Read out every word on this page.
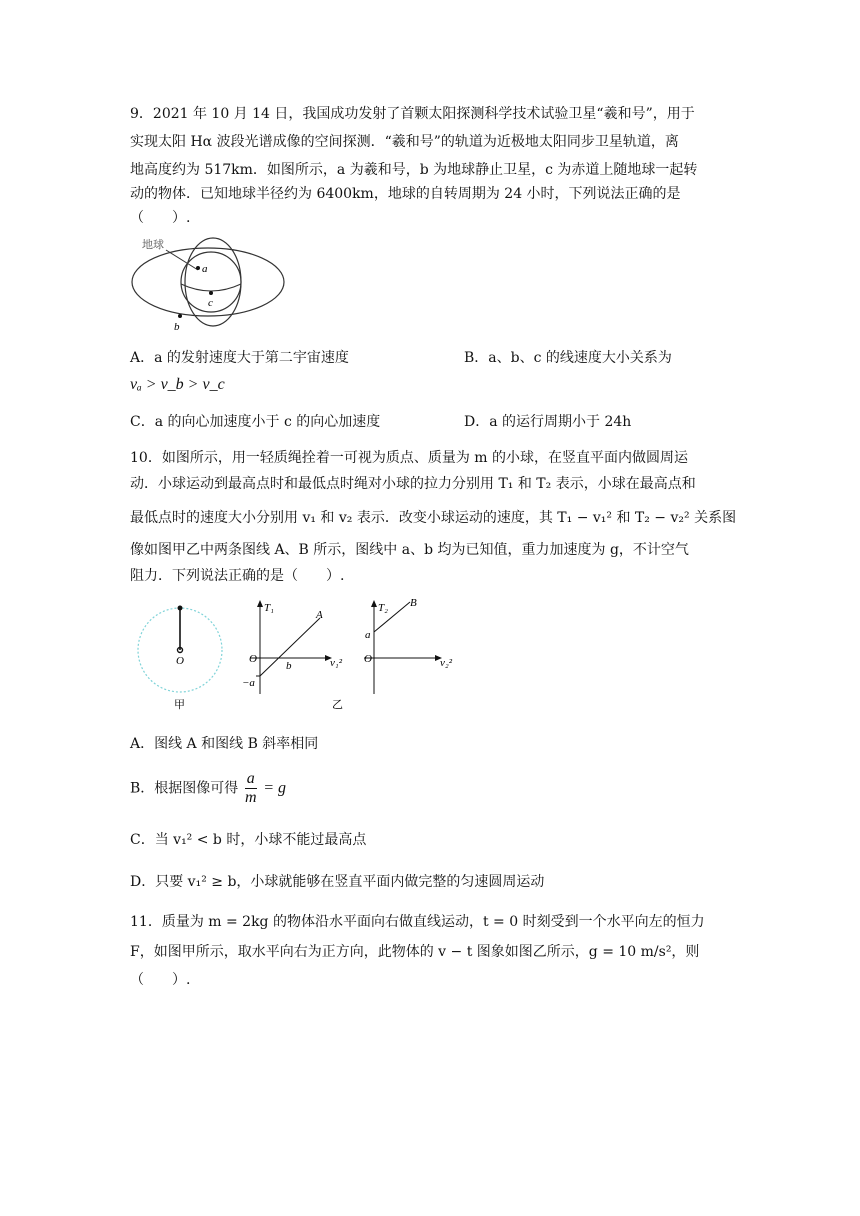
9．2021 年 10 月 14 日，我国成功发射了首颗太阳探测科学技术试验卫星“羲和号”，用于
实现太阳 Hα 波段光谱成像的空间探测．“羲和号”的轨道为近极地太阳同步卫星轨道，离
地高度约为 517km．如图所示，a 为羲和号，b 为地球静止卫星，c 为赤道上随地球一起转
动的物体．已知地球半径约为 6400km，地球的自转周期为 24 小时，下列说法正确的是
（　　）.
地球
a
c
b
A．a 的发射速度大于第二宇宙速度	B．a、b、c 的线速度大小关系为
vₐ > v_b > v_c
C．a 的向心加速度小于 c 的向心加速度	D．a 的运行周期小于 24h
10．如图所示，用一轻质绳拴着一可视为质点、质量为 m 的小球，在竖直平面内做圆周运
动．小球运动到最高点时和最低点时绳对小球的拉力分别用 T₁ 和 T₂ 表示，小球在最高点和
最低点时的速度大小分别用 v₁ 和 v₂ 表示．改变小球运动的速度，其 T₁ − v₁² 和 T₂ − v₂² 关系图
像如图甲乙中两条图线 A、B 所示，图线中 a、b 均为已知值，重力加速度为 g，不计空气
阻力．下列说法正确的是（　　）.
O
甲
T₁
A
O
b	v₁²
−a
T₂ B
a
O	v₂²
乙
A．图线 A 和图线 B 斜率相同
B．根据图像可得 $\frac{a}{m} = g$
C．当 v₁² < b 时，小球不能过最高点
D．只要 v₁² ≥ b，小球就能够在竖直平面内做完整的匀速圆周运动
11．质量为 m = 2kg 的物体沿水平面向右做直线运动，t = 0 时刻受到一个水平向左的恒力
F，如图甲所示，取水平向右为正方向，此物体的 v − t 图象如图乙所示，g = 10 m/s²，则
（　　）.
